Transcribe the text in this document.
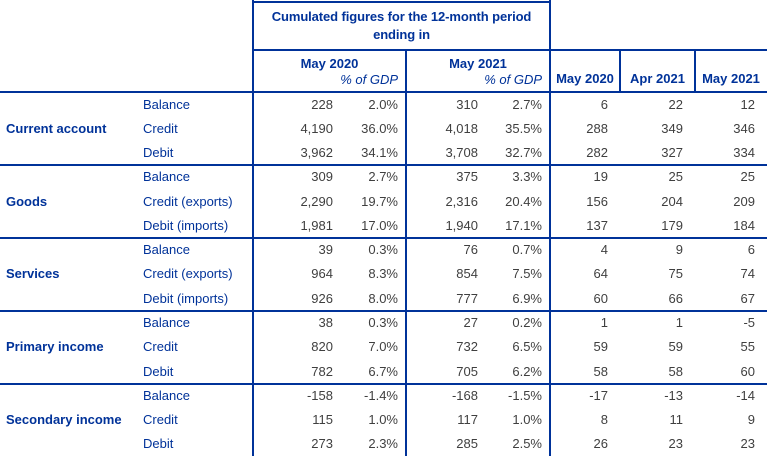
Cumulated figures for the 12-month period ending in
May 2020
% of GDP
May 2021
% of GDP	May 2020	Apr 2021	May 2021
Current account
Balance	228	2.0%	310	2.7%	6	22	12
Credit	4,190	36.0%	4,018	35.5%	288	349	346
Debit	3,962	34.1%	3,708	32.7%	282	327	334
Goods
Balance	309	2.7%	375	3.3%	19	25	25
Credit (exports)	2,290	19.7%	2,316	20.4%	156	204	209
Debit (imports)	1,981	17.0%	1,940	17.1%	137	179	184
Services
Balance	39	0.3%	76	0.7%	4	9	6
Credit (exports)	964	8.3%	854	7.5%	64	75	74
Debit (imports)	926	8.0%	777	6.9%	60	66	67
Primary income
Balance	38	0.3%	27	0.2%	1	1	-5
Credit	820	7.0%	732	6.5%	59	59	55
Debit	782	6.7%	705	6.2%	58	58	60
Secondary income
Balance	-158	-1.4%	-168	-1.5%	-17	-13	-14
Credit	115	1.0%	117	1.0%	8	11	9
Debit	273	2.3%	285	2.5%	26	23	23
